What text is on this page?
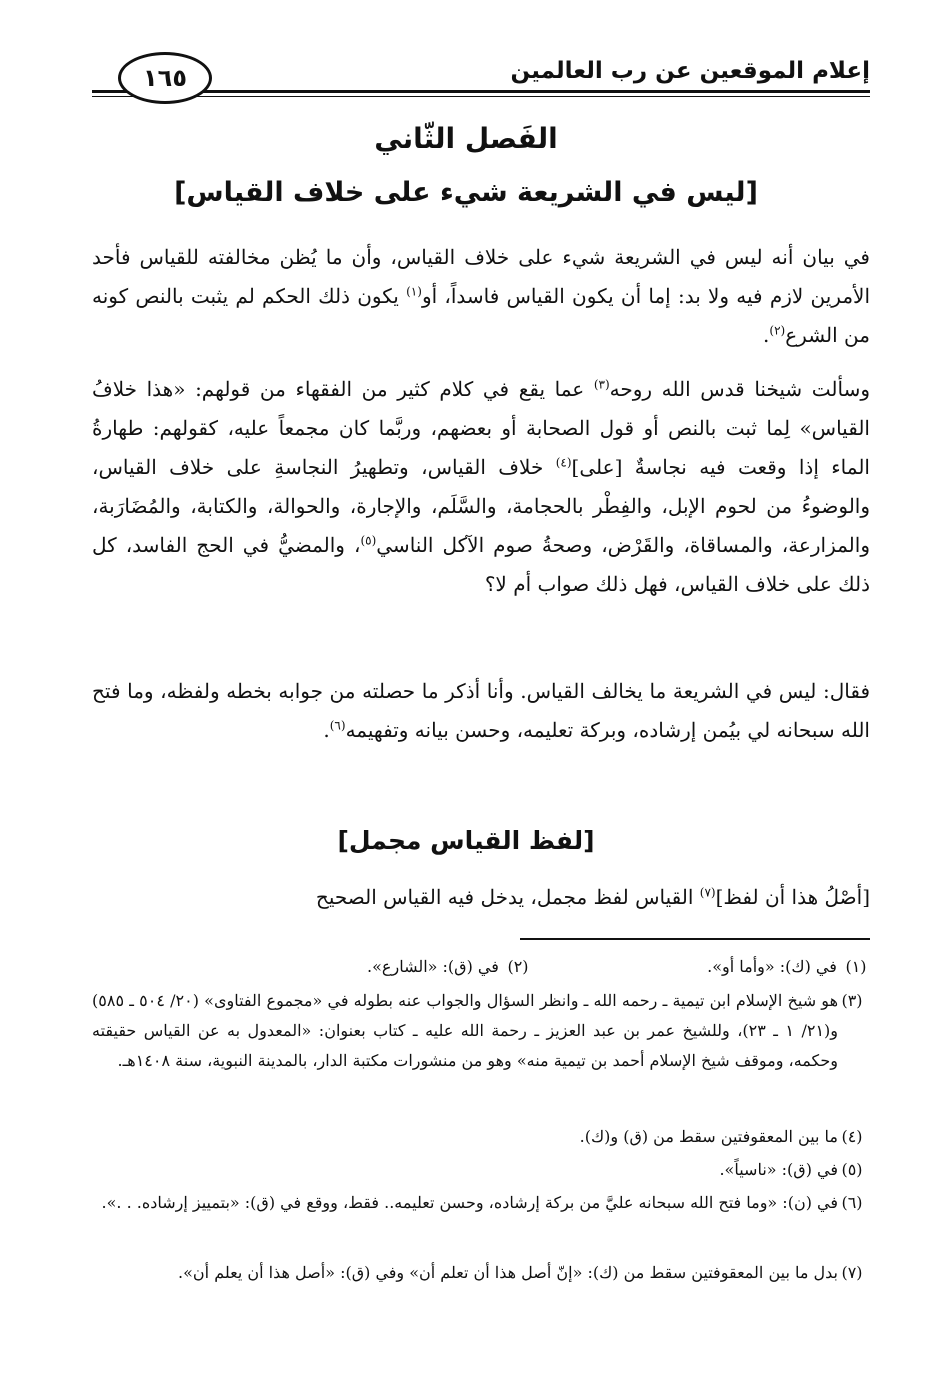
إعلام الموقعين عن رب العالمين
١٦٥
الفَصل الثّاني
[ليس في الشريعة شيء على خلاف القياس]
في بيان أنه ليس في الشريعة شيء على خلاف القياس، وأن ما يُظن مخالفته للقياس فأحد الأمرين لازم فيه ولا بد: إما أن يكون القياس فاسداً، أو$^{(١)}$ يكون ذلك الحكم لم يثبت بالنص كونه من الشرع$^{(٢)}$.
وسألت شيخنا قدس الله روحه$^{(٣)}$ عما يقع في كلام كثير من الفقهاء من قولهم: «هذا خلافُ القياس» لِما ثبت بالنص أو قول الصحابة أو بعضهم، وربَّما كان مجمعاً عليه، كقولهم: طهارةُ الماء إذا وقعت فيه نجاسةٌ [على]$^{(٤)}$ خلاف القياس، وتطهيرُ النجاسةِ على خلاف القياس، والوضوءُ من لحوم الإبل، والفِطْر بالحجامة، والسَّلَم، والإجارة، والحوالة، والكتابة، والمُضَارَبة، والمزارعة، والمساقاة، والقَرْض، وصحةُ صوم الآكل الناسي$^{(٥)}$، والمضيُّ في الحج الفاسد، كل ذلك على خلاف القياس، فهل ذلك صواب أم لا؟
فقال: ليس في الشريعة ما يخالف القياس. وأنا أذكر ما حصلته من جوابه بخطه ولفظه، وما فتح الله سبحانه لي بيُمن إرشاده، وبركة تعليمه، وحسن بيانه وتفهيمه$^{(٦)}$.
[لفظ القياس مجمل]
[أصْلُ هذا أن لفظ]$^{(٧)}$ القياس لفظ مجمل، يدخل فيه القياس الصحيح
(١) في (ك): «وأما أو».
(٢) في (ق): «الشارع».
(٣)
هو شيخ الإسلام ابن تيمية ـ رحمه الله ـ وانظر السؤال والجواب عنه بطوله في «مجموع الفتاوى» (٢٠/ ٥٠٤ ـ ٥٨٥) و(٢١/ ١ ـ ٢٣)، وللشيخ عمر بن عبد العزيز ـ رحمة الله عليه ـ كتاب بعنوان: «المعدول به عن القياس حقيقته وحكمه، وموقف شيخ الإسلام أحمد بن تيمية منه» وهو من منشورات مكتبة الدار، بالمدينة النبوية، سنة ١٤٠٨هـ.
(٤)
ما بين المعقوفتين سقط من (ق) و(ك).
(٥)
في (ق): «ناسياً».
(٦)
في (ن): «وما فتح الله سبحانه عليَّ من بركة إرشاده، وحسن تعليمه.. فقط، ووقع في (ق): «بتمييز إرشاده. . .».
(٧)
بدل ما بين المعقوفتين سقط من (ك): «إنّ أصل هذا أن تعلم أن» وفي (ق): «أصل هذا أن يعلم أن».
